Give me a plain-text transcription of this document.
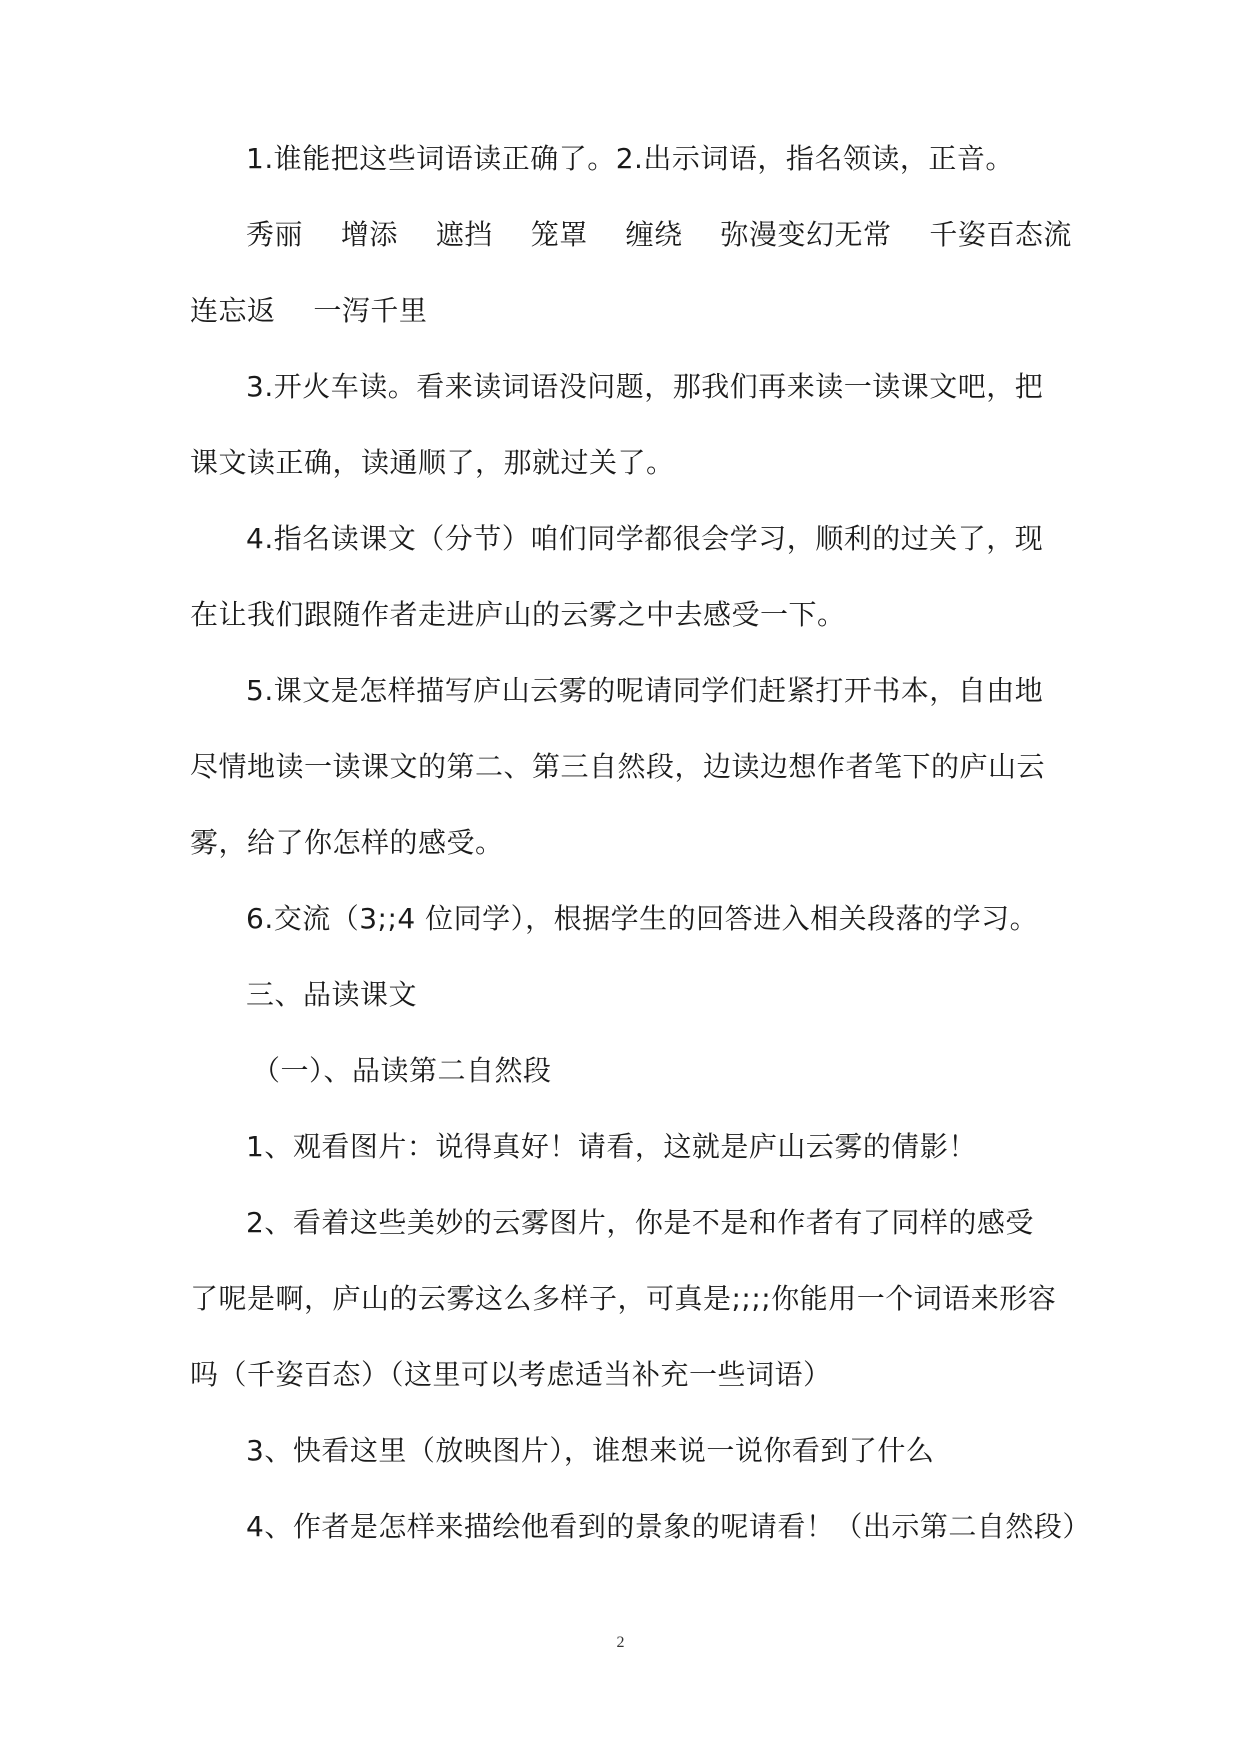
1.谁能把这些词语读正确了。2.出示词语，指名领读，正音。
秀丽　 增添　 遮挡　 笼罩　 缠绕　 弥漫变幻无常　 千姿百态流
连忘返　 一泻千里
3.开火车读。看来读词语没问题，那我们再来读一读课文吧，把
课文读正确，读通顺了，那就过关了。
4.指名读课文（分节）咱们同学都很会学习，顺利的过关了，现
在让我们跟随作者走进庐山的云雾之中去感受一下。
5.课文是怎样描写庐山云雾的呢请同学们赶紧打开书本，自由地
尽情地读一读课文的第二、第三自然段，边读边想作者笔下的庐山云
雾，给了你怎样的感受。
6.交流（3;;4 位同学），根据学生的回答进入相关段落的学习。
三、品读课文
（一）、品读第二自然段
1、观看图片：说得真好！请看，这就是庐山云雾的倩影！
2、看着这些美妙的云雾图片，你是不是和作者有了同样的感受
了呢是啊，庐山的云雾这么多样子，可真是;;;;你能用一个词语来形容
吗（千姿百态）（这里可以考虑适当补充一些词语）
3、快看这里（放映图片），谁想来说一说你看到了什么
4、作者是怎样来描绘他看到的景象的呢请看！（出示第二自然段）
2
